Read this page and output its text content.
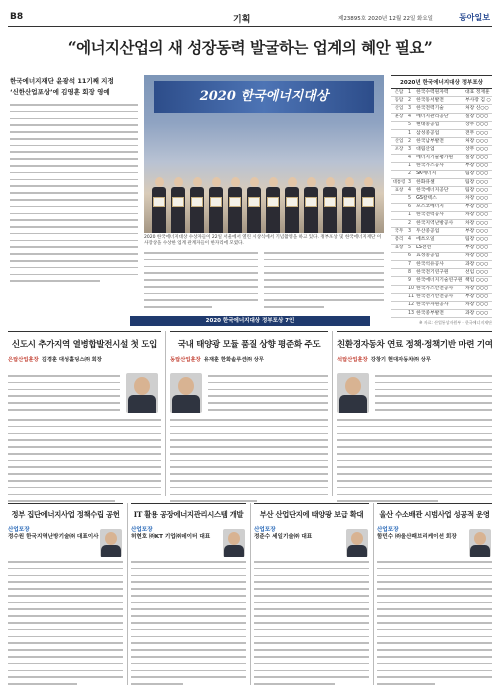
B8	기획	제23895호 2020년 12월 22일 화요일	동아일보
“에너지산업의 새 성장동력 발굴하는 업계의 혜안 필요”
한국에너지재단 윤광석 11기째 지정
‘신한산업포상’에 김영훈 회장 영예	2020 한국에너지대상
2020 한국에너지대상 수상자들이 22일 서울에서 열린 시상식에서 기념촬영을 하고 있다. 정부포상 및 한국에너지재단 이사장상을 수상한 업계 관계자들이 한자리에 모였다.
2020년 한국에너지대상 정부포상
은탑	1	한국수력원자력	대표 정재훈
동탑	2	한국동서발전	부사장 김 ○
산업	3	한국전력기술	처장 신○○
훈장	4	에너지관리공단	실장 ○○○
	5	현대중공업	상무 ○○○
	1	삼성중공업	전무 ○○○
산업	2	한국남부발전	처장 ○○○
포장	3	대림산업	상무 ○○○
	4	에너지기술평가원	실장 ○○○
	1	한국가스공사	부장 ○○○
	2	SK에너지	팀장 ○○○
대통령	3	한화큐셀	팀장 ○○○
표창	4	한국에너지공단	팀장 ○○○
	5	GS칼텍스	차장 ○○○
	6	포스코에너지	부장 ○○○
	1	한국전력공사	차장 ○○○
	2	한국지역난방공사	차장 ○○○
국무	3	두산중공업	부장 ○○○
총리	4	에쓰오일	팀장 ○○○
표창	5	LS전선	부장 ○○○
	6	효성중공업	차장 ○○○
	7	한국석유공사	과장 ○○○
	8	한국전기연구원	선임 ○○○
	9	한국에너지기술연구원	책임 ○○○
	10	한국가스안전공사	차장 ○○○
	11	한국전기안전공사	부장 ○○○
	12	한국수자원공사	차장 ○○○
	13	한국중부발전	과장 ○○○
※ 자료: 산업통상자원부 · 한국에너지재단
2020 한국에너지대상 정부포상 7인
신도시 추가지역 열병합발전시설 첫 도입
은탑산업훈장 김경훈 대성홀딩스㈜ 회장
국내 태양광 모듈 품질 상향 평준화 주도
동탑산업훈장 유재훈 한화솔루션㈜ 상무
친환경자동차 연료 정책·정책기반 마련 기여
석탑산업훈장 강창기 현대자동차㈜ 상무
정부 집단에너지사업 정책수립 공헌
산업포장
정수원 한국지역난방기술㈜ 대표이사
IT 활용 공장에너지관리시스템 개발
산업포장
허현호 ㈜KT 기업㈜데이터 대표
부산 산업단지에 태양광 보급 확대
산업포장
정준수 세일기술㈜ 대표
울산 수소배관 시범사업 성공적 운영
산업포장
함민수 ㈜울산패브리케이션 회장
